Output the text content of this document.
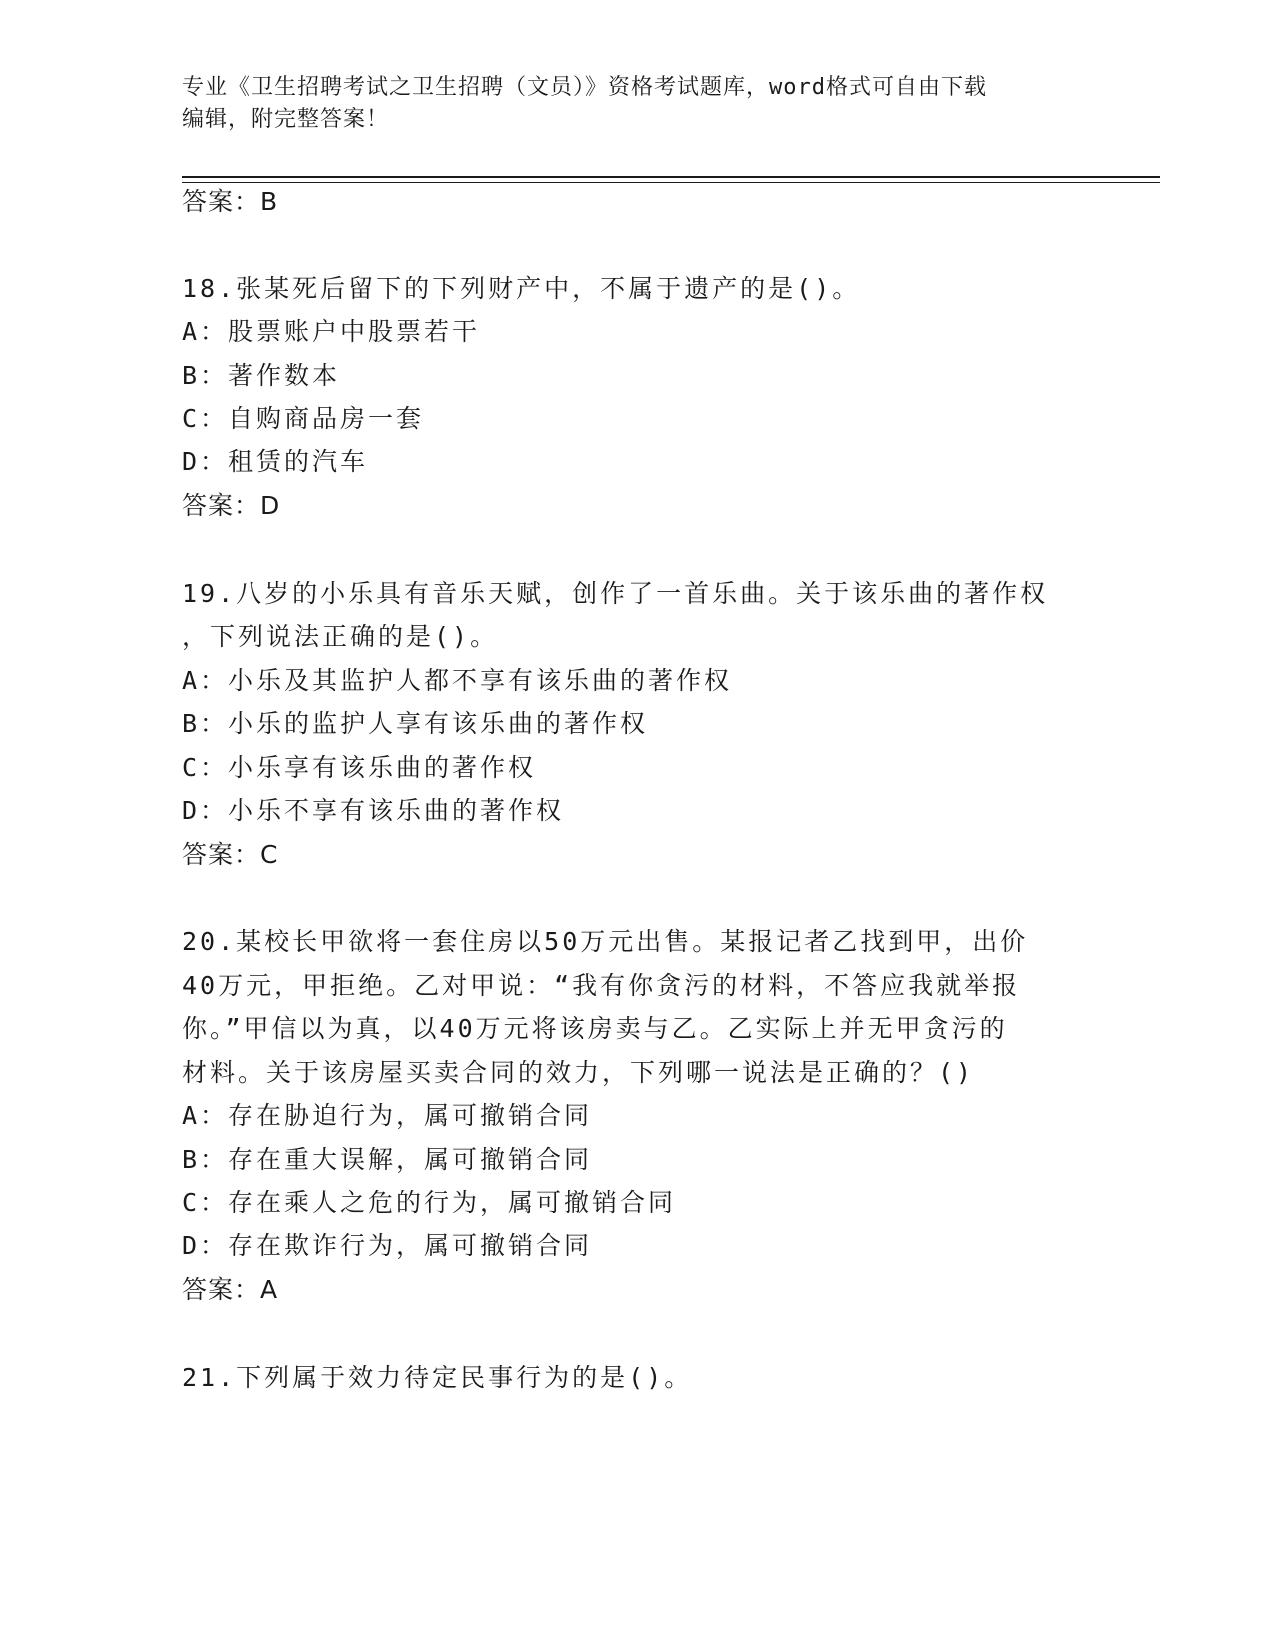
专业《卫生招聘考试之卫生招聘（文员）》资格考试题库，word格式可自由下载
编辑，附完整答案！
答案：B
18.张某死后留下的下列财产中，不属于遗产的是()。
A：股票账户中股票若干
B：著作数本
C：自购商品房一套
D：租赁的汽车
答案：D
19.八岁的小乐具有音乐天赋，创作了一首乐曲。关于该乐曲的著作权
，下列说法正确的是()。
A：小乐及其监护人都不享有该乐曲的著作权
B：小乐的监护人享有该乐曲的著作权
C：小乐享有该乐曲的著作权
D：小乐不享有该乐曲的著作权
答案：C
20.某校长甲欲将一套住房以50万元出售。某报记者乙找到甲，出价
40万元，甲拒绝。乙对甲说：“我有你贪污的材料，不答应我就举报
你。”甲信以为真，以40万元将该房卖与乙。乙实际上并无甲贪污的
材料。关于该房屋买卖合同的效力，下列哪一说法是正确的？()
A：存在胁迫行为，属可撤销合同
B：存在重大误解，属可撤销合同
C：存在乘人之危的行为，属可撤销合同
D：存在欺诈行为，属可撤销合同
答案：A
21.下列属于效力待定民事行为的是()。
